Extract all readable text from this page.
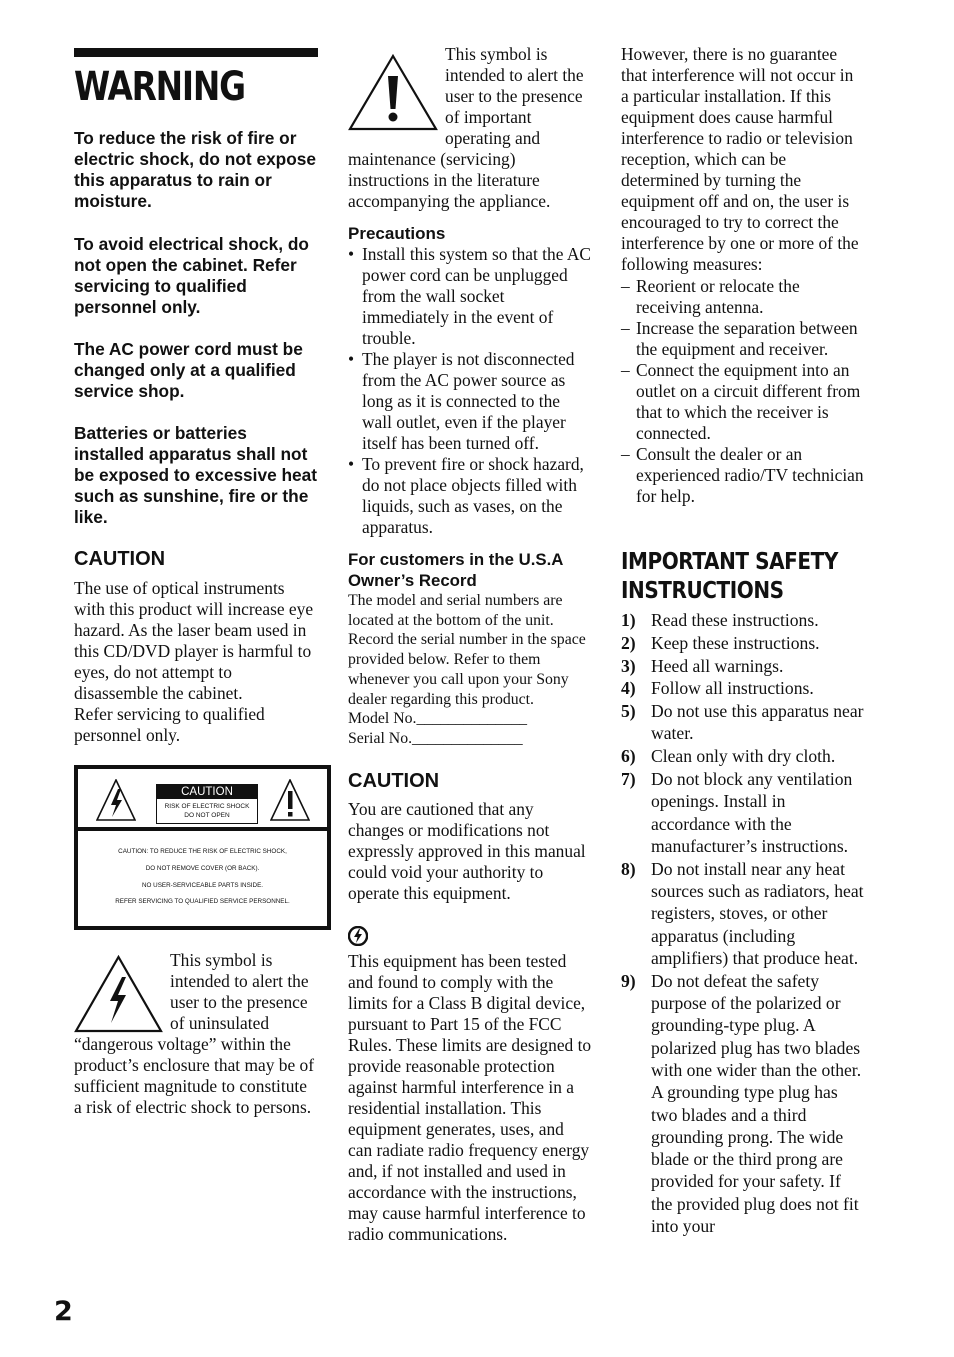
WARNING

To reduce the risk of fire or electric shock, do not expose this apparatus to rain or moisture.

To avoid electrical shock, do not open the cabinet. Refer servicing to qualified personnel only.

The AC power cord must be changed only at a qualified service shop.

Batteries or batteries installed apparatus shall not be exposed to excessive heat such as sunshine, fire or the like.

CAUTION

The use of optical instruments with this product will increase eye hazard. As the laser beam used in this CD/DVD player is harmful to eyes, do not attempt to disassemble the cabinet.

Refer servicing to qualified personnel only.

CAUTION
RISK OF ELECTRIC SHOCK
DO NOT OPEN
CAUTION: TO REDUCE THE RISK OF ELECTRIC SHOCK,
DO NOT REMOVE COVER (OR BACK).
NO USER-SERVICEABLE PARTS INSIDE.
REFER SERVICING TO QUALIFIED SERVICE PERSONNEL.
This symbol is intended to alert the user to the presence of uninsulated “dangerous voltage” within the product’s enclosure that may be of sufficient magnitude to constitute a risk of electric shock to persons.
This symbol is intended to alert the user to the presence of important operating and maintenance (servicing) instructions in the literature accompanying the appliance.
Precautions
• Install this system so that the AC power cord can be unplugged from the wall socket immediately in the event of trouble.
• The player is not disconnected from the AC power source as long as it is connected to the wall outlet, even if the player itself has been turned off.
• To prevent fire or shock hazard, do not place objects filled with liquids, such as vases, on the apparatus.
For customers in the U.S.A
Owner’s Record

The model and serial numbers are located at the bottom of the unit. Record the serial number in the space provided below. Refer to them whenever you call upon your Sony dealer regarding this product.

Model No.______________

Serial No.______________

CAUTION

You are cautioned that any changes or modifications not expressly approved in this manual could void your authority to operate this equipment.

This equipment has been tested and found to comply with the limits for a Class B digital device, pursuant to Part 15 of the FCC Rules. These limits are designed to provide reasonable protection against harmful interference in a residential installation. This equipment generates, uses, and can radiate radio frequency energy and, if not installed and used in accordance with the instructions, may cause harmful interference to radio communications.

However, there is no guarantee that interference will not occur in a particular installation. If this equipment does cause harmful interference to radio or television reception, which can be determined by turning the equipment off and on, the user is encouraged to try to correct the interference by one or more of the following measures:

– Reorient or relocate the receiving antenna.
– Increase the separation between the equipment and receiver.
– Connect the equipment into an outlet on a circuit different from that to which the receiver is connected.
– Consult the dealer or an experienced radio/TV technician for help.
IMPORTANT SAFETY
INSTRUCTIONS
1) Read these instructions.
2) Keep these instructions.
3) Heed all warnings.
4) Follow all instructions.
5) Do not use this apparatus near water.
6) Clean only with dry cloth.
7) Do not block any ventilation openings. Install in accordance with the manufacturer’s instructions.
8) Do not install near any heat sources such as radiators, heat registers, stoves, or other apparatus (including amplifiers) that produce heat.
9) Do not defeat the safety purpose of the polarized or grounding-type plug. A polarized plug has two blades with one wider than the other. A grounding type plug has two blades and a third grounding prong. The wide blade or the third prong are provided for your safety. If the provided plug does not fit into your
2
